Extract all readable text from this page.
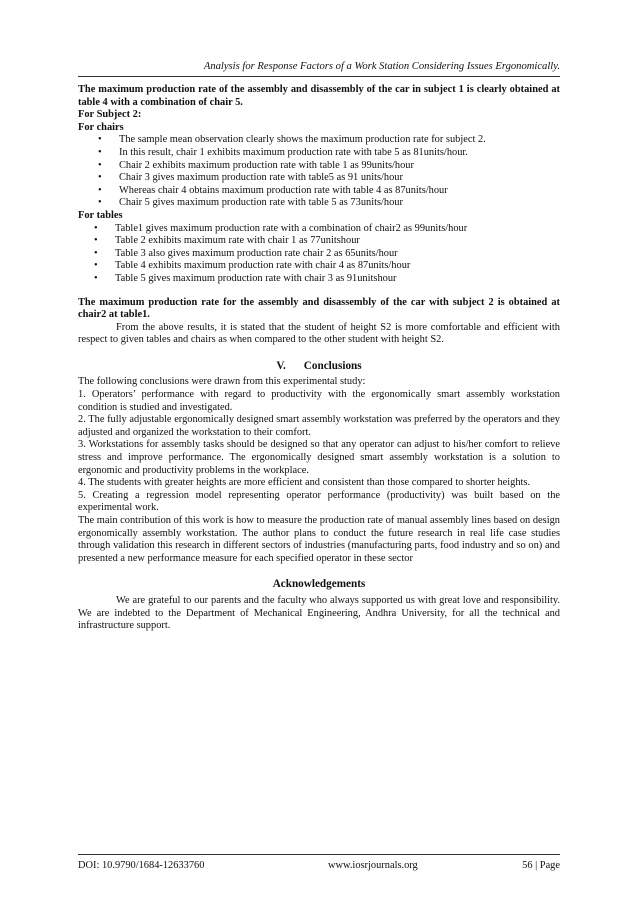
Analysis for Response Factors of a Work Station Considering Issues Ergonomically.

The maximum production rate of the assembly and disassembly of the car in subject 1 is clearly obtained at table 4 with a combination of chair 5.

For Subject 2:

For chairs

• The sample mean observation clearly shows the maximum production rate for subject 2.
• In this result, chair 1 exhibits maximum production rate with tabe 5 as 81units/hour.
• Chair 2 exhibits maximum production rate with table 1 as 99units/hour
• Chair 3 gives maximum production rate with table5 as 91 units/hour
• Whereas chair 4 obtains maximum production rate with table 4 as 87units/hour
• Chair 5 gives maximum production rate with table 5 as 73units/hour

For tables

• Table1 gives maximum production rate with a combination of chair2 as 99units/hour
• Table 2 exhibits maximum rate with chair 1 as 77unitshour
• Table 3 also gives maximum production rate chair 2 as 65units/hour
• Table 4 exhibits maximum production rate with chair 4 as 87units/hour
• Table 5 gives maximum production rate with chair 3 as 91unitshour

The maximum production rate for the assembly and disassembly of the car with subject 2 is obtained at chair2 at table1.

From the above results, it is stated that the student of height S2 is more comfortable and efficient with respect to given tables and chairs as when compared to the other student with height S2.

V. Conclusions

The following conclusions were drawn from this experimental study:

1. Operators’ performance with regard to productivity with the ergonomically smart assembly workstation condition is studied and investigated.

2. The fully adjustable ergonomically designed smart assembly workstation was preferred by the operators and they adjusted and organized the workstation to their comfort.

3. Workstations for assembly tasks should be designed so that any operator can adjust to his/her comfort to relieve stress and improve performance. The ergonomically designed smart assembly workstation is a solution to ergonomic and productivity problems in the workplace.

4. The students with greater heights are more efficient and consistent than those compared to shorter heights.

5. Creating a regression model representing operator performance (productivity) was built based on the experimental work.

The main contribution of this work is how to measure the production rate of manual assembly lines based on design ergonomically assembly workstation. The author plans to conduct the future research in real life case studies through validation this research in different sectors of industries (manufacturing parts, food industry and so on) and presented a new performance measure for each specified operator in these sector

Acknowledgements

We are grateful to our parents and the faculty who always supported us with great love and responsibility. We are indebted to the Department of Mechanical Engineering, Andhra University, for all the technical and infrastructure support.

DOI: 10.9790/1684-12633760	www.iosrjournals.org	56 | Page
